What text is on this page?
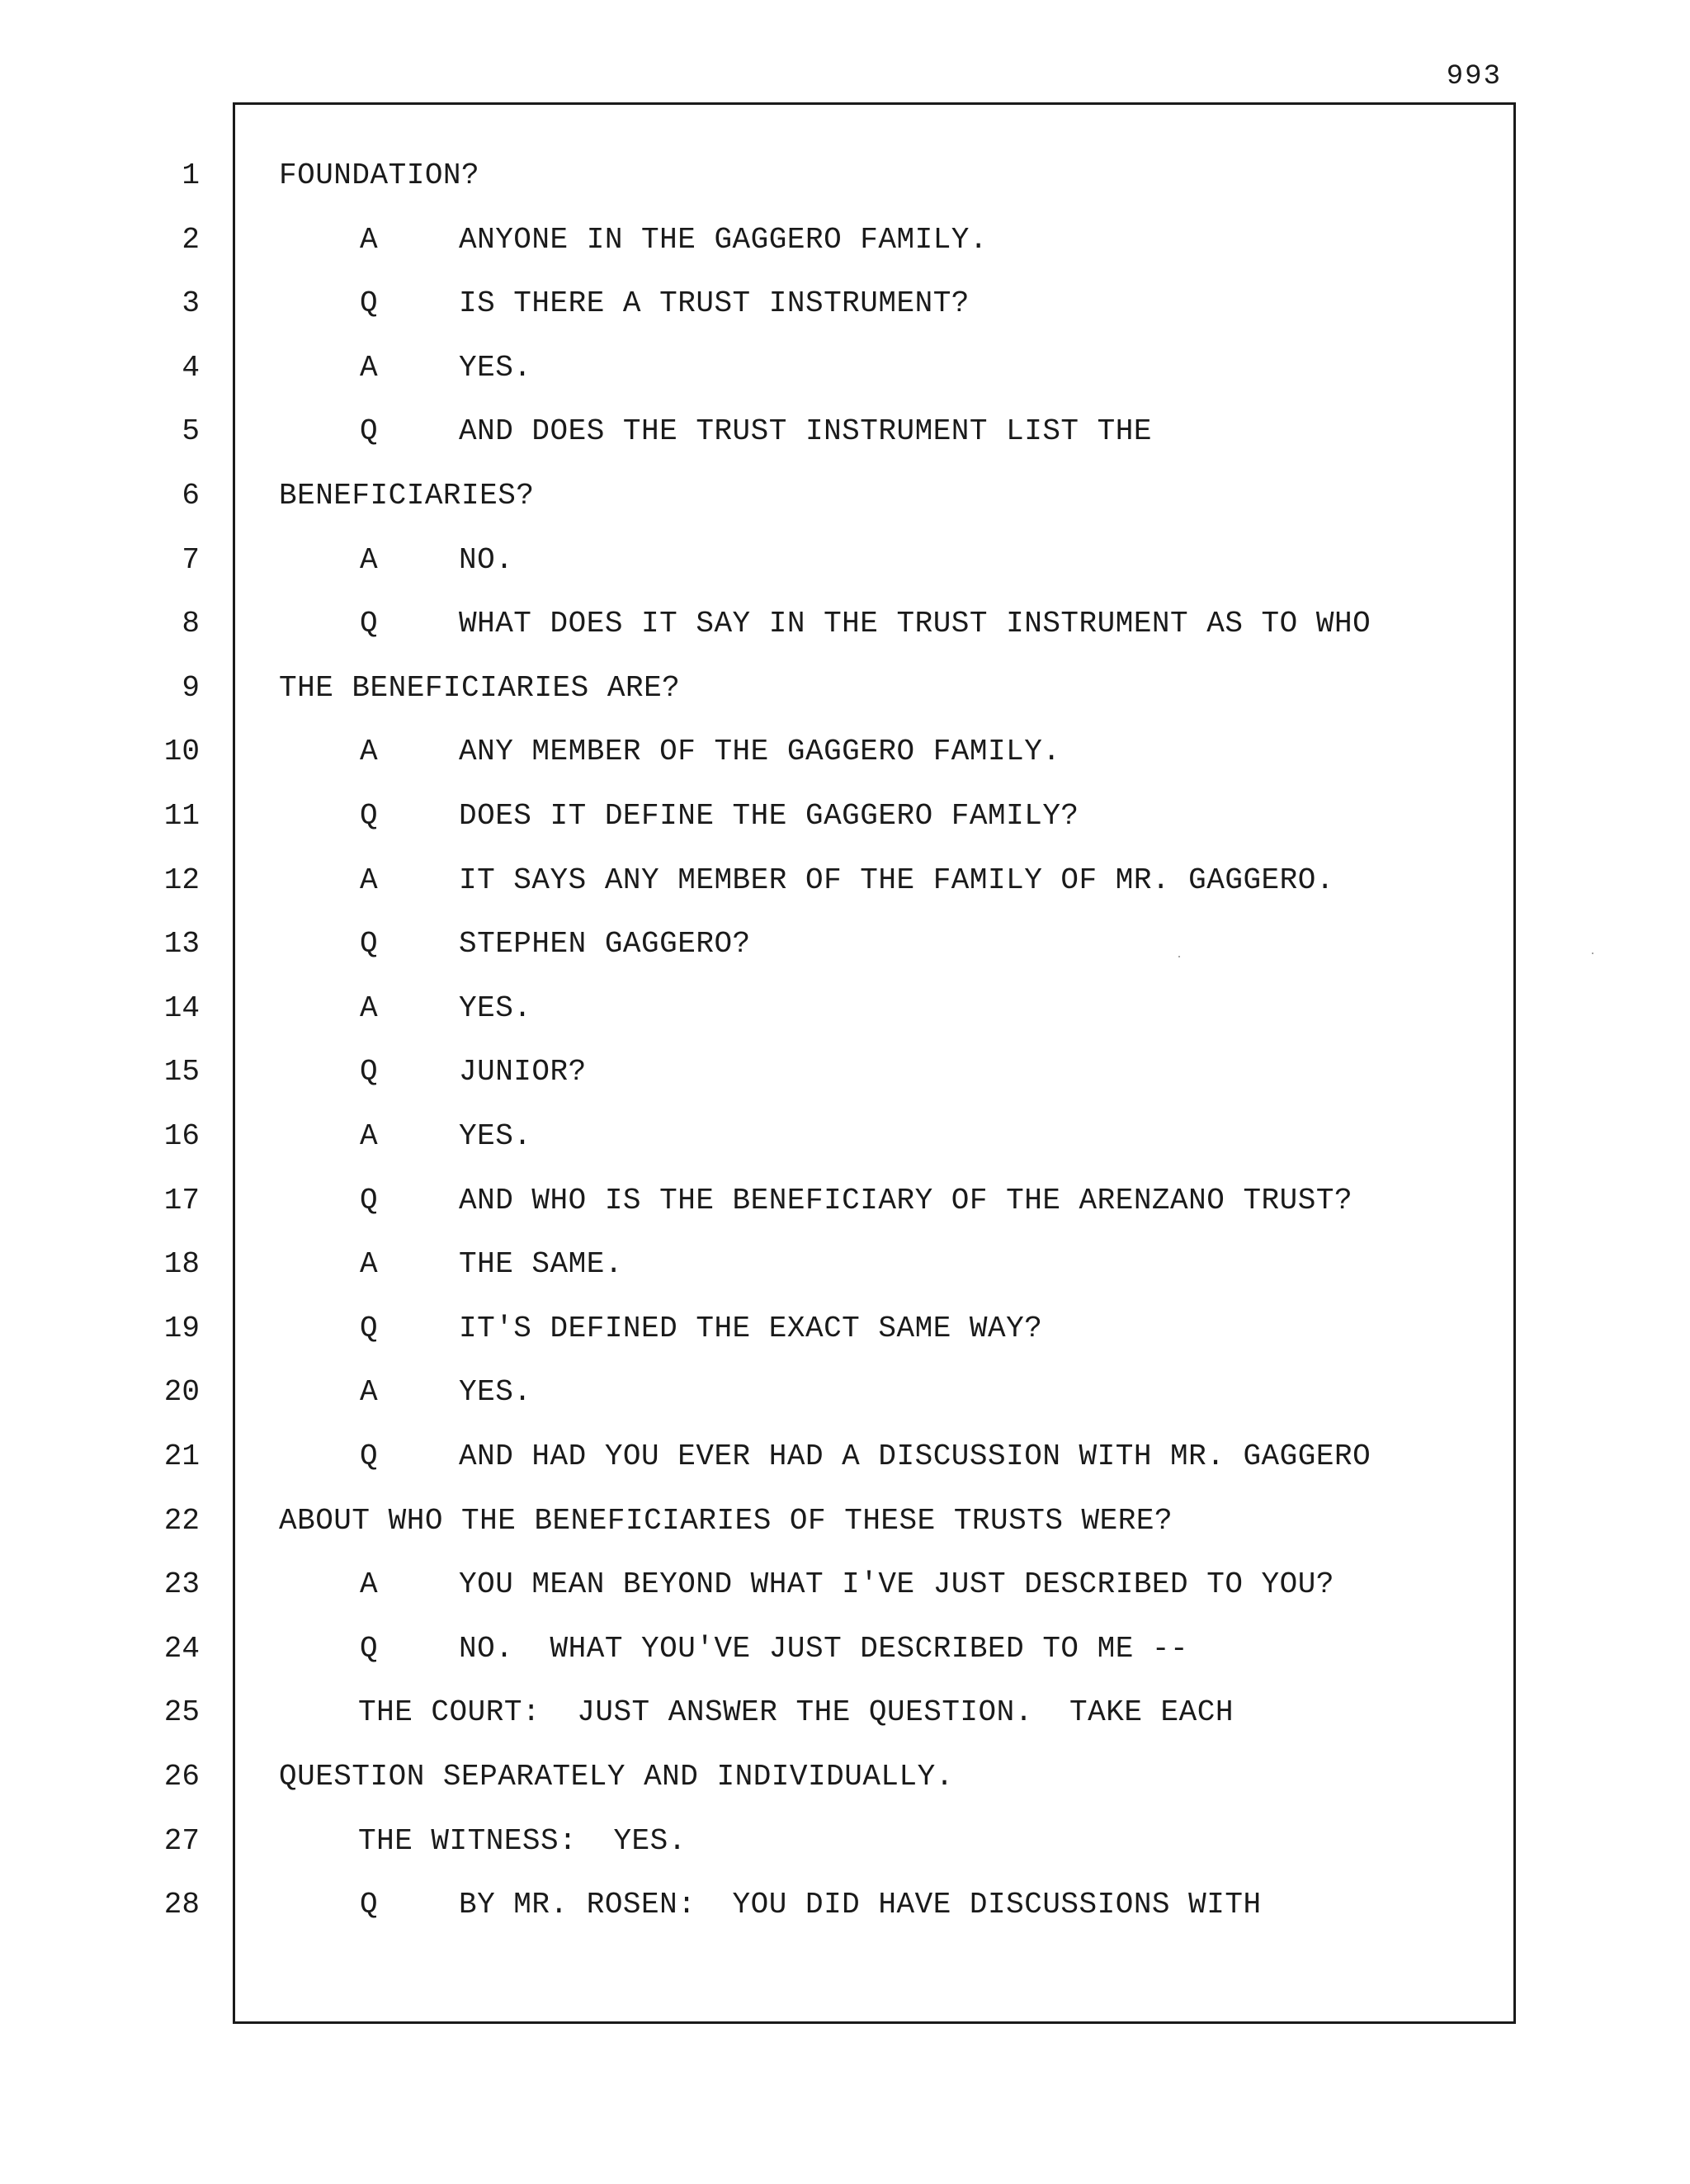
993
1	FOUNDATION?
2	A	ANYONE IN THE GAGGERO FAMILY.
3	Q	IS THERE A TRUST INSTRUMENT?
4	A	YES.
5	Q	AND DOES THE TRUST INSTRUMENT LIST THE
6	BENEFICIARIES?
7	A	NO.
8	Q	WHAT DOES IT SAY IN THE TRUST INSTRUMENT AS TO WHO
9	THE BENEFICIARIES ARE?
10	A	ANY MEMBER OF THE GAGGERO FAMILY.
11	Q	DOES IT DEFINE THE GAGGERO FAMILY?
12	A	IT SAYS ANY MEMBER OF THE FAMILY OF MR. GAGGERO.
13	Q	STEPHEN GAGGERO?
14	A	YES.
15	Q	JUNIOR?
16	A	YES.
17	Q	AND WHO IS THE BENEFICIARY OF THE ARENZANO TRUST?
18	A	THE SAME.
19	Q	IT'S DEFINED THE EXACT SAME WAY?
20	A	YES.
21	Q	AND HAD YOU EVER HAD A DISCUSSION WITH MR. GAGGERO
22	ABOUT WHO THE BENEFICIARIES OF THESE TRUSTS WERE?
23	A	YOU MEAN BEYOND WHAT I'VE JUST DESCRIBED TO YOU?
24	Q	NO.  WHAT YOU'VE JUST DESCRIBED TO ME --
25	THE COURT:  JUST ANSWER THE QUESTION.  TAKE EACH
26	QUESTION SEPARATELY AND INDIVIDUALLY.
27	THE WITNESS:  YES.
28	Q	BY MR. ROSEN:  YOU DID HAVE DISCUSSIONS WITH
